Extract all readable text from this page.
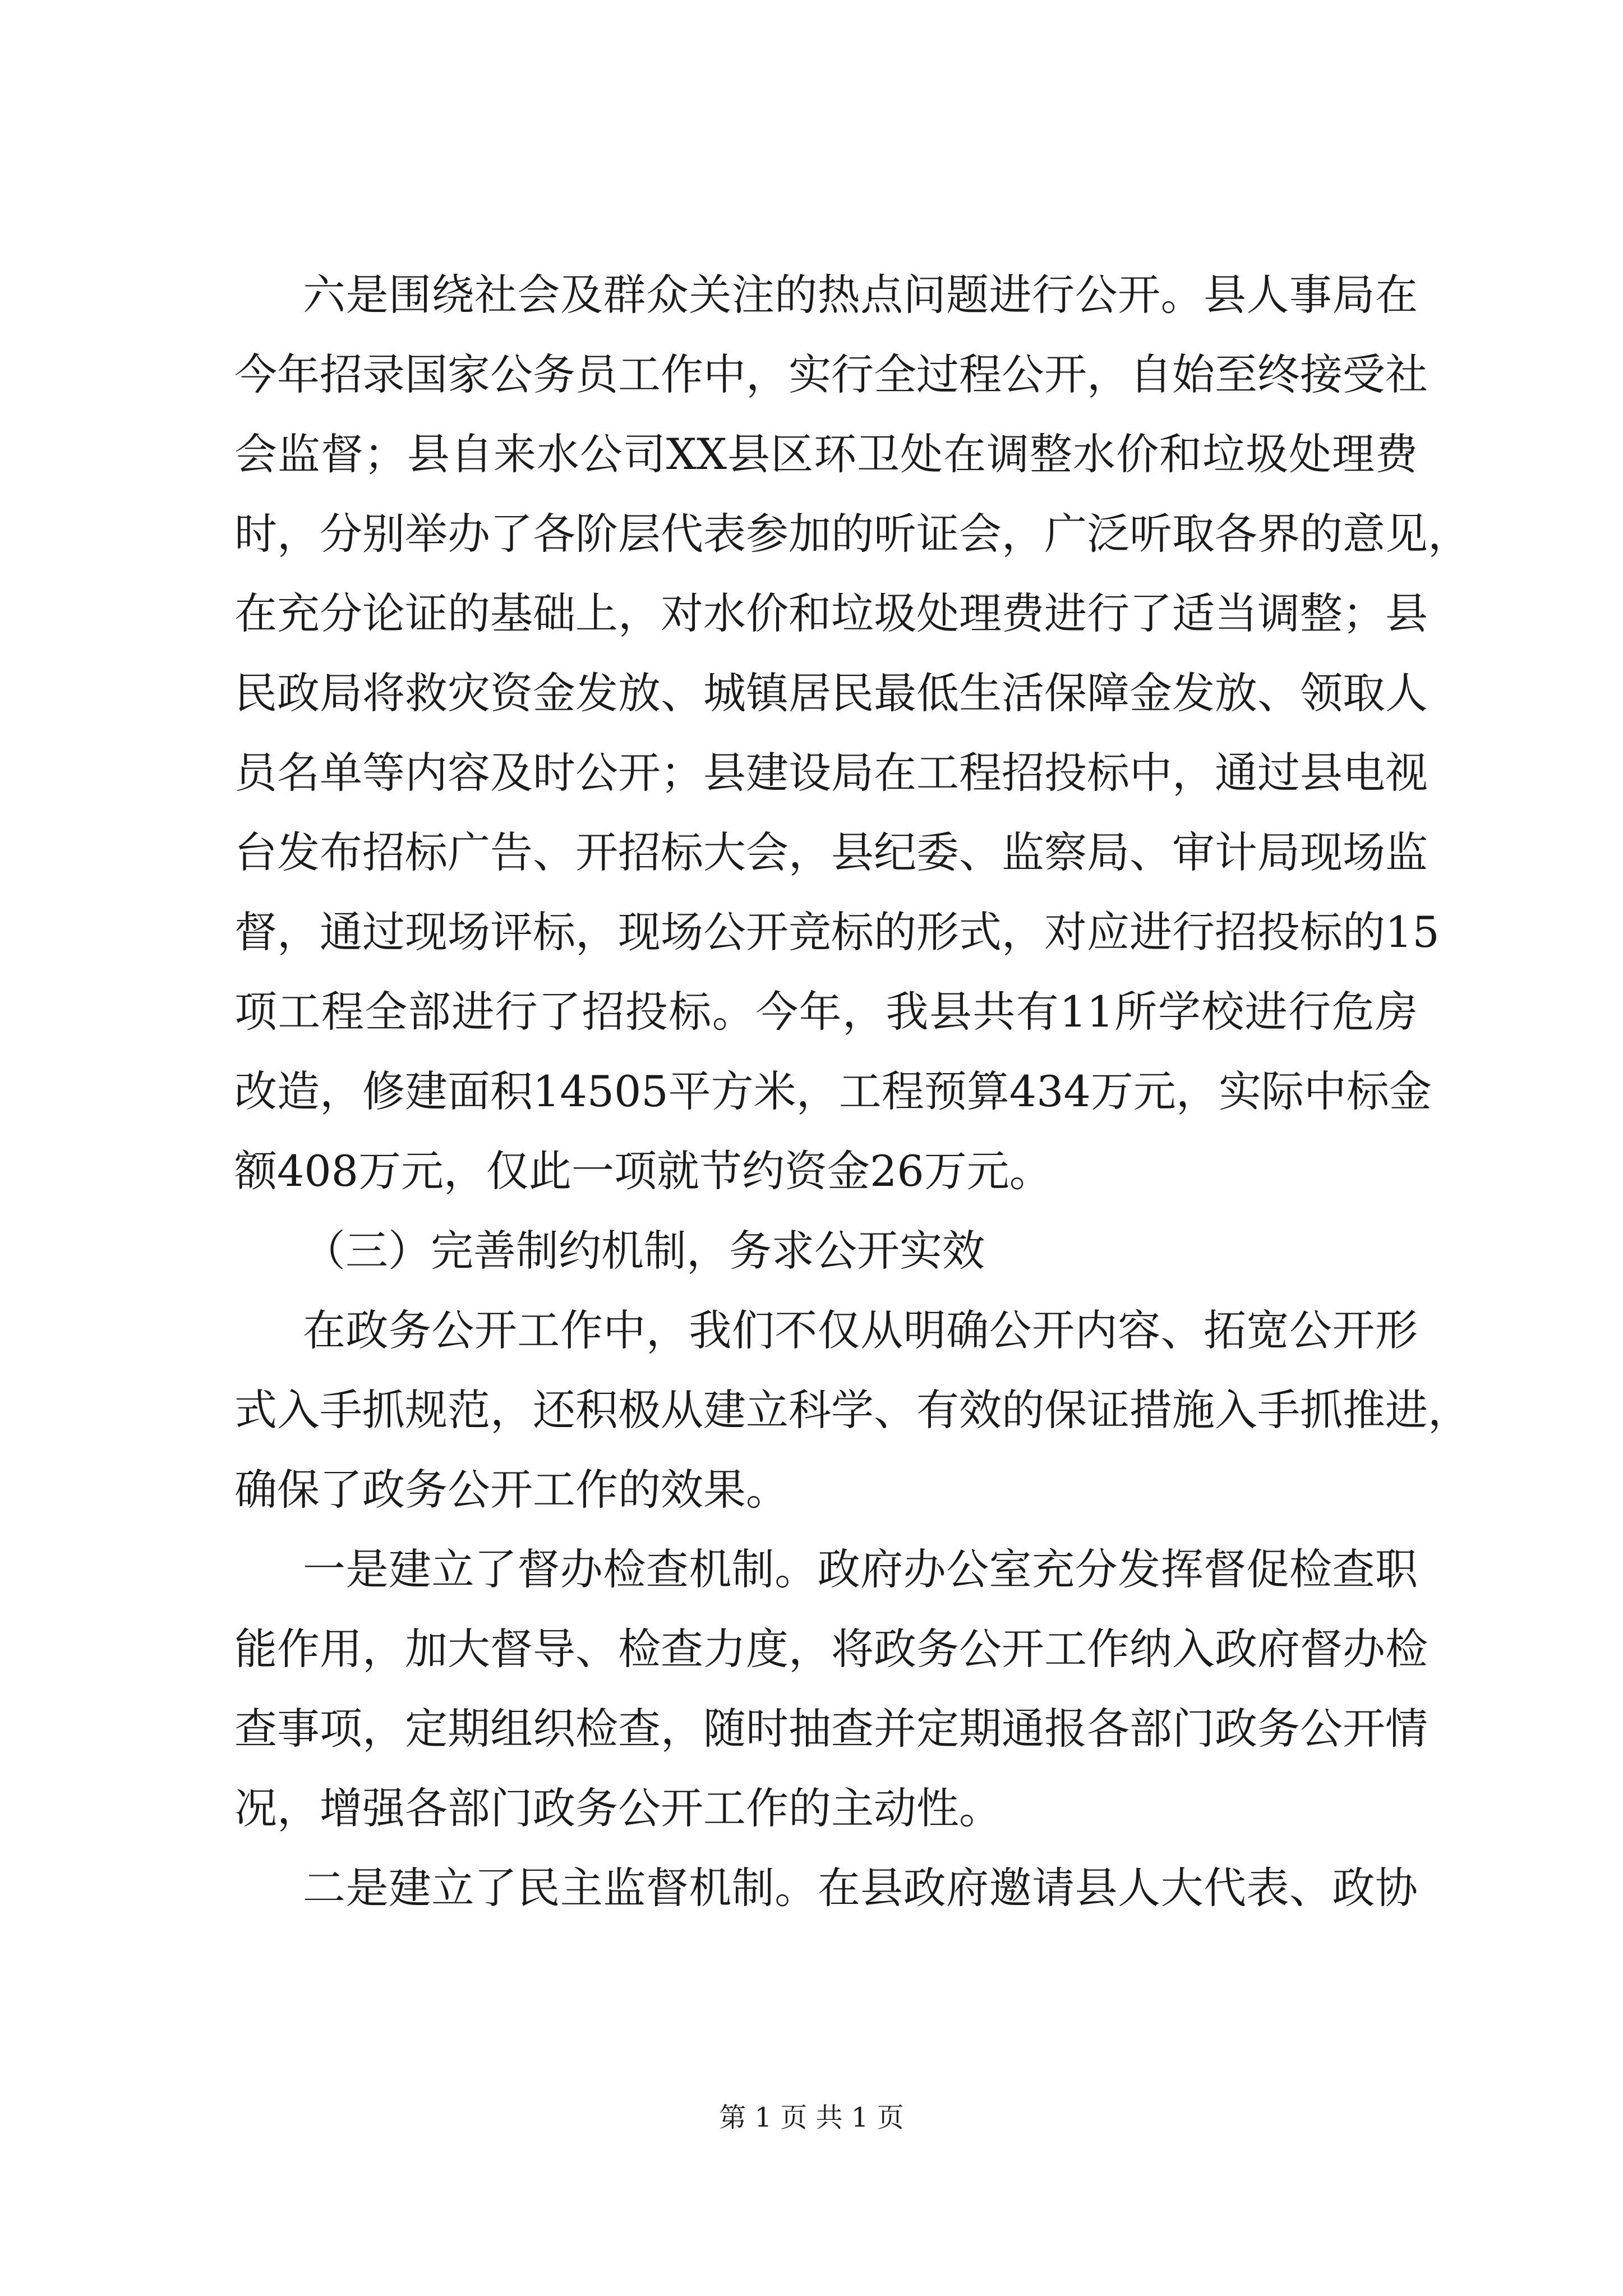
六是围绕社会及群众关注的热点问题进行公开。县人事局在
今年招录国家公务员工作中，实行全过程公开，自始至终接受社
会监督；县自来水公司XX县区环卫处在调整水价和垃圾处理费
时，分别举办了各阶层代表参加的听证会，广泛听取各界的意见，
在充分论证的基础上，对水价和垃圾处理费进行了适当调整；县
民政局将救灾资金发放、城镇居民最低生活保障金发放、领取人
员名单等内容及时公开；县建设局在工程招投标中，通过县电视
台发布招标广告、开招标大会，县纪委、监察局、审计局现场监
督，通过现场评标，现场公开竞标的形式，对应进行招投标的15
项工程全部进行了招投标。今年，我县共有11所学校进行危房
改造，修建面积14505平方米，工程预算434万元，实际中标金
额408万元，仅此一项就节约资金26万元。
（三）完善制约机制，务求公开实效
在政务公开工作中，我们不仅从明确公开内容、拓宽公开形
式入手抓规范，还积极从建立科学、有效的保证措施入手抓推进，
确保了政务公开工作的效果。
一是建立了督办检查机制。政府办公室充分发挥督促检查职
能作用，加大督导、检查力度，将政务公开工作纳入政府督办检
查事项，定期组织检查，随时抽查并定期通报各部门政务公开情
况，增强各部门政务公开工作的主动性。
二是建立了民主监督机制。在县政府邀请县人大代表、政协
第 1 页 共 1 页
